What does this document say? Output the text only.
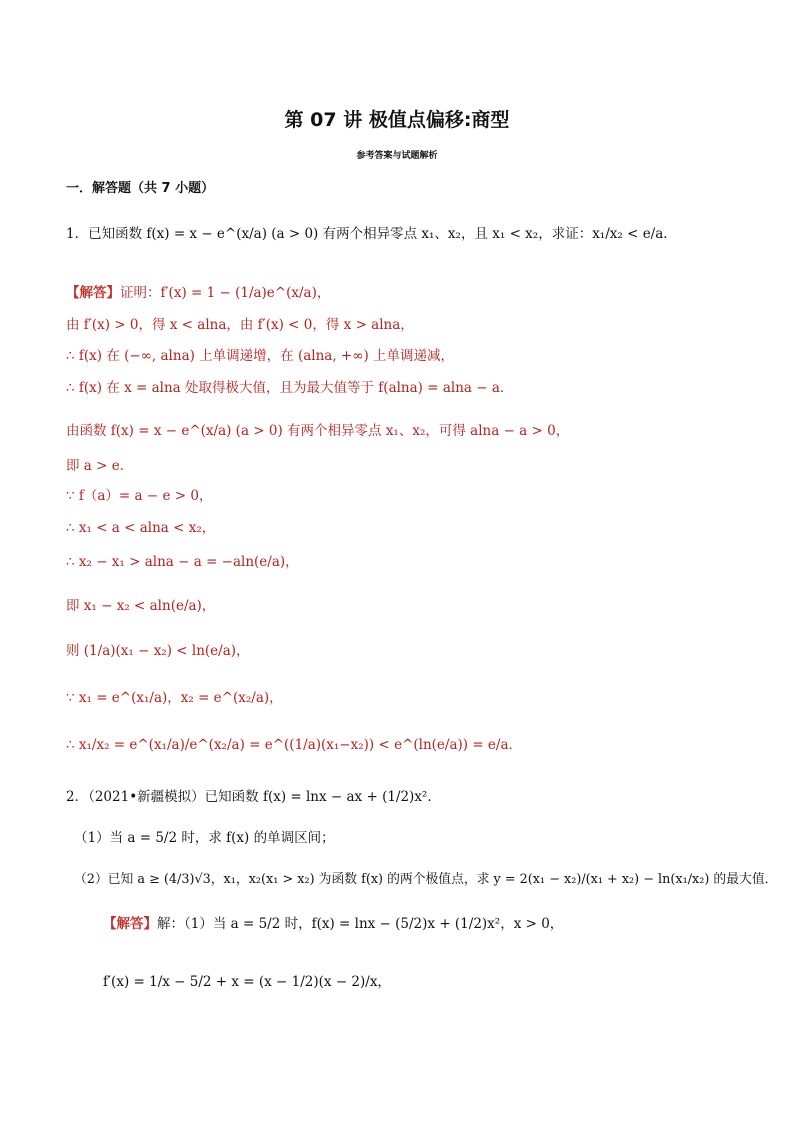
第 07 讲 极值点偏移:商型
参考答案与试题解析
一．解答题（共 7 小题）
1．已知函数 f(x) = x − e^(x/a) (a > 0) 有两个相异零点 x₁、x₂，且 x₁ < x₂，求证：x₁/x₂ < e/a．
【解答】证明：f′(x) = 1 − (1/a)e^(x/a)，
由 f′(x) > 0，得 x < alna，由 f′(x) < 0，得 x > alna，
∴ f(x) 在 (−∞, alna) 上单调递增，在 (alna, +∞) 上单调递减，
∴ f(x) 在 x = alna 处取得极大值，且为最大值等于 f(alna) = alna − a．
由函数 f(x) = x − e^(x/a) (a > 0) 有两个相异零点 x₁、x₂，可得 alna − a > 0，
即 a > e．
∵ f（a）= a − e > 0，
∴ x₁ < a < alna < x₂，
∴ x₂ − x₁ > alna − a = −aln(e/a)，
即 x₁ − x₂ < aln(e/a)，
则 (1/a)(x₁ − x₂) < ln(e/a)，
∵ x₁ = e^(x₁/a)，x₂ = e^(x₂/a)，
∴ x₁/x₂ = e^(x₁/a)/e^(x₂/a) = e^((1/a)(x₁−x₂)) < e^(ln(e/a)) = e/a．
2．（2021•新疆模拟）已知函数 f(x) = lnx − ax + (1/2)x²．
（1）当 a = 5/2 时，求 f(x) 的单调区间；
（2）已知 a ≥ (4/3)√3，x₁，x₂(x₁ > x₂) 为函数 f(x) 的两个极值点，求 y = 2(x₁ − x₂)/(x₁ + x₂) − ln(x₁/x₂) 的最大值．
【解答】解：（1）当 a = 5/2 时，f(x) = lnx − (5/2)x + (1/2)x²，x > 0，
f′(x) = 1/x − 5/2 + x = (x − 1/2)(x − 2)/x，
